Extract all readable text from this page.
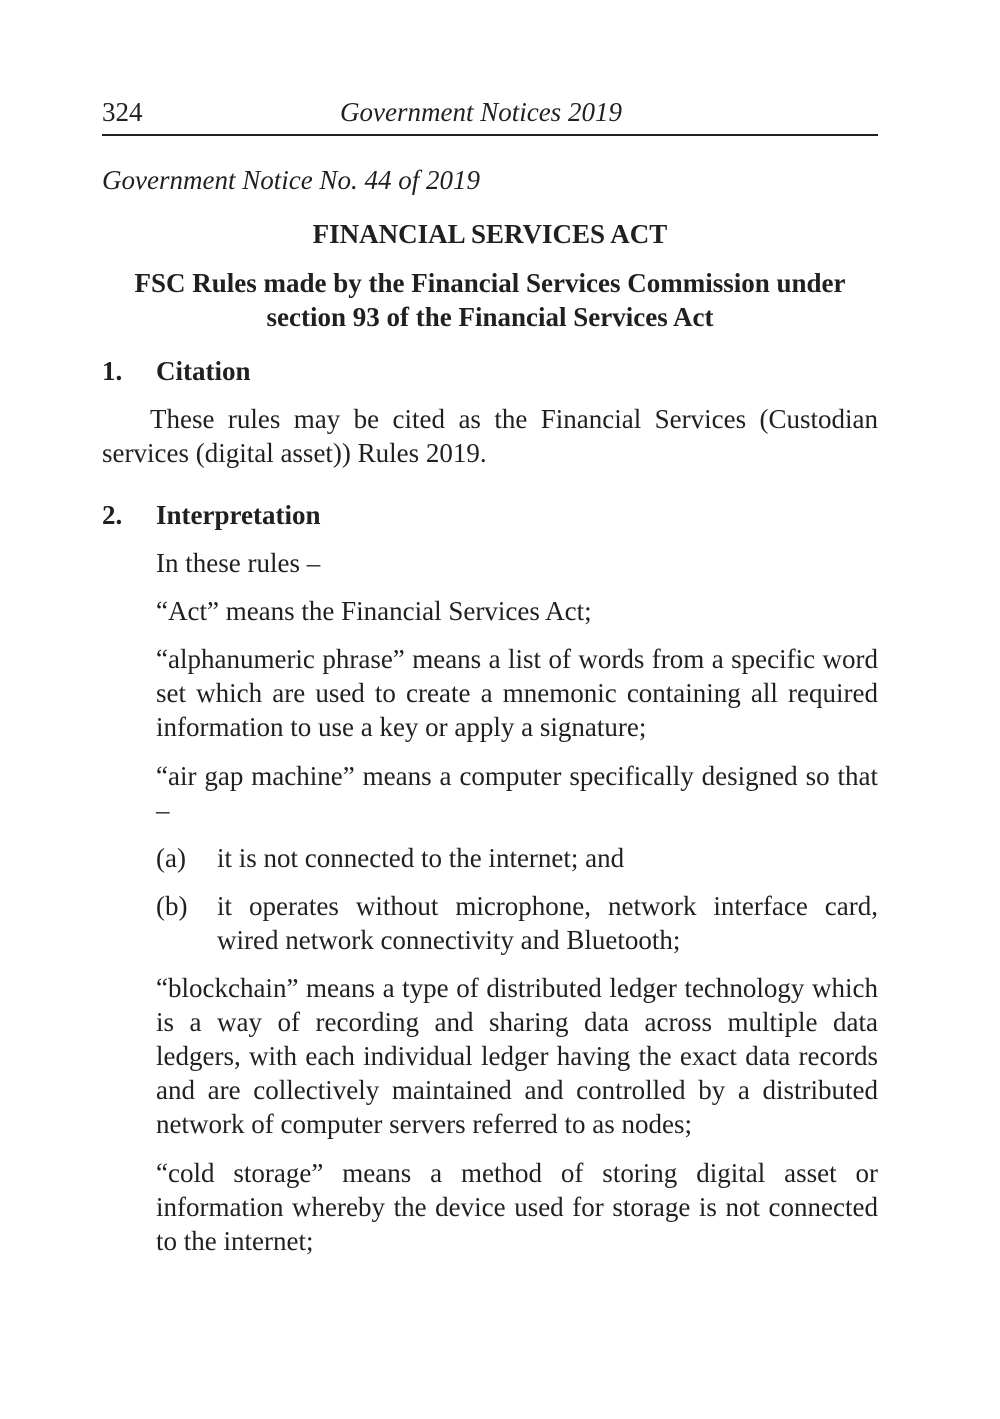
324	Government Notices 2019
Government Notice No. 44 of 2019
FINANCIAL SERVICES ACT
FSC Rules made by the Financial Services Commission under section 93 of the Financial Services Act
1. Citation
These rules may be cited as the Financial Services (Custodian services (digital asset)) Rules 2019.
2. Interpretation
In these rules –
“Act” means the Financial Services Act;
“alphanumeric phrase” means a list of words from a specific word set which are used to create a mnemonic containing all required information to use a key or apply a signature;
“air gap machine” means a computer specifically designed so that –
(a) it is not connected to the internet; and
(b) it operates without microphone, network interface card, wired network connectivity and Bluetooth;
“blockchain” means a type of distributed ledger technology which is a way of recording and sharing data across multiple data ledgers, with each individual ledger having the exact data records and are collectively maintained and controlled by a distributed network of computer servers referred to as nodes;
“cold storage” means a method of storing digital asset or information whereby the device used for storage is not connected to the internet;
